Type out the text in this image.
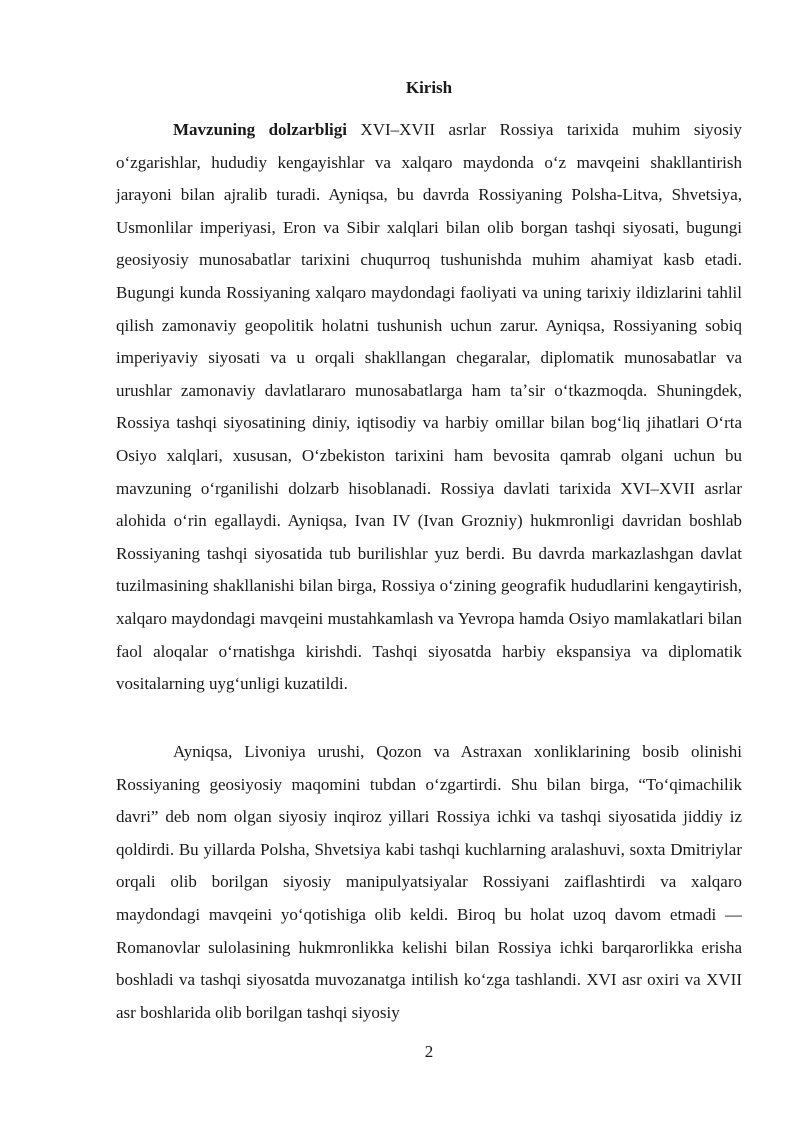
Kirish

Mavzuning dolzarbligi XVI–XVII asrlar Rossiya tarixida muhim siyosiy oʻzgarishlar, hududiy kengayishlar va xalqaro maydonda oʻz mavqeini shakllantirish jarayoni bilan ajralib turadi. Ayniqsa, bu davrda Rossiyaning Polsha-Litva, Shvetsiya, Usmonlilar imperiyasi, Eron va Sibir xalqlari bilan olib borgan tashqi siyosati, bugungi geosiyosiy munosabatlar tarixini chuqurroq tushunishda muhim ahamiyat kasb etadi. Bugungi kunda Rossiyaning xalqaro maydondagi faoliyati va uning tarixiy ildizlarini tahlil qilish zamonaviy geopolitik holatni tushunish uchun zarur. Ayniqsa, Rossiyaning sobiq imperiyaviy siyosati va u orqali shakllangan chegaralar, diplomatik munosabatlar va urushlar zamonaviy davlatlararo munosabatlarga ham taʼsir oʻtkazmoqda. Shuningdek, Rossiya tashqi siyosatining diniy, iqtisodiy va harbiy omillar bilan bogʻliq jihatlari Oʻrta Osiyo xalqlari, xususan, Oʻzbekiston tarixini ham bevosita qamrab olgani uchun bu mavzuning oʻrganilishi dolzarb hisoblanadi. Rossiya davlati tarixida XVI–XVII asrlar alohida oʻrin egallaydi. Ayniqsa, Ivan IV (Ivan Grozniy) hukmronligi davridan boshlab Rossiyaning tashqi siyosatida tub burilishlar yuz berdi. Bu davrda markazlashgan davlat tuzilmasining shakllanishi bilan birga, Rossiya oʻzining geografik hududlarini kengaytirish, xalqaro maydondagi mavqeini mustahkamlash va Yevropa hamda Osiyo mamlakatlari bilan faol aloqalar oʻrnatishga kirishdi. Tashqi siyosatda harbiy ekspansiya va diplomatik vositalarning uygʻunligi kuzatildi.

Ayniqsa, Livoniya urushi, Qozon va Astraxan xonliklarining bosib olinishi Rossiyaning geosiyosiy maqomini tubdan oʻzgartirdi. Shu bilan birga, “Toʻqimachilik davri” deb nom olgan siyosiy inqiroz yillari Rossiya ichki va tashqi siyosatida jiddiy iz qoldirdi. Bu yillarda Polsha, Shvetsiya kabi tashqi kuchlarning aralashuvi, soxta Dmitriylar orqali olib borilgan siyosiy manipulyatsiyalar Rossiyani zaiflashtirdi va xalqaro maydondagi mavqeini yoʻqotishiga olib keldi. Biroq bu holat uzoq davom etmadi — Romanovlar sulolasining hukmronlikka kelishi bilan Rossiya ichki barqarorlikka erisha boshladi va tashqi siyosatda muvozanatga intilish koʻzga tashlandi. XVI asr oxiri va XVII asr boshlarida olib borilgan tashqi siyosiy

2
